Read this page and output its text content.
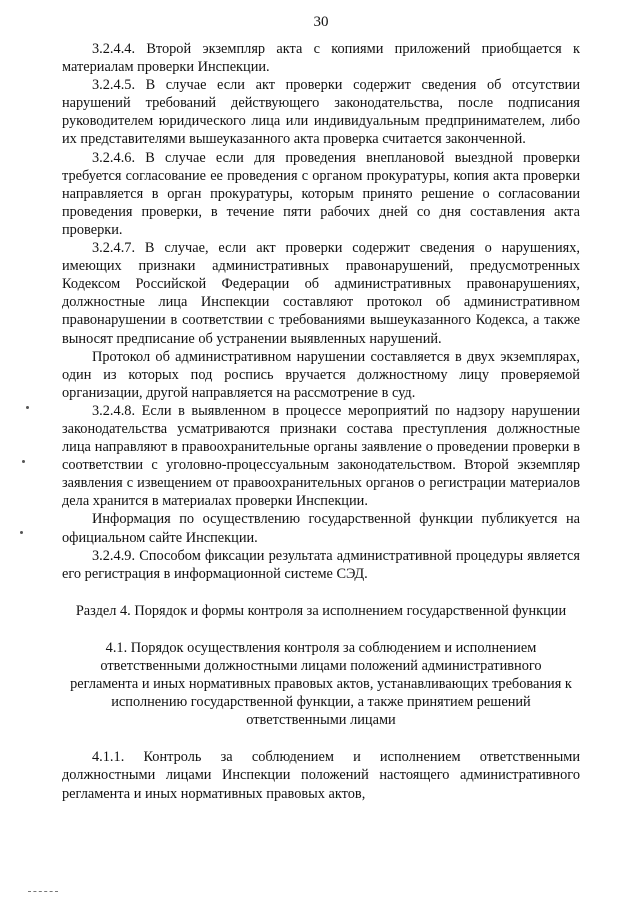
30

3.2.4.4. Второй экземпляр акта с копиями приложений приобщается к материалам проверки Инспекции.

3.2.4.5. В случае если акт проверки содержит сведения об отсутствии нарушений требований действующего законодательства, после подписания руководителем юридического лица или индивидуальным предпринимателем, либо их представителями вышеуказанного акта проверка считается законченной.

3.2.4.6. В случае если для проведения внеплановой выездной проверки требуется согласование ее проведения с органом прокуратуры, копия акта проверки направляется в орган прокуратуры, которым принято решение о согласовании проведения проверки, в течение пяти рабочих дней со дня составления акта проверки.

3.2.4.7. В случае, если акт проверки содержит сведения о нарушениях, имеющих признаки административных правонарушений, предусмотренных Кодексом Российской Федерации об административных правонарушениях, должностные лица Инспекции составляют протокол об административном правонарушении в соответствии с требованиями вышеуказанного Кодекса, а также выносят предписание об устранении выявленных нарушений.

Протокол об административном нарушении составляется в двух экземплярах, один из которых под роспись вручается должностному лицу проверяемой организации, другой направляется на рассмотрение в суд.

3.2.4.8. Если в выявленном в процессе мероприятий по надзору нарушении законодательства усматриваются признаки состава преступления должностные лица направляют в правоохранительные органы заявление о проведении проверки в соответствии с уголовно-процессуальным законодательством. Второй экземпляр заявления с извещением от правоохранительных органов о регистрации материалов дела хранится в материалах проверки Инспекции.

Информация по осуществлению государственной функции публикуется на официальном сайте Инспекции.

3.2.4.9. Способом фиксации результата административной процедуры является его регистрация в информационной системе СЭД.

Раздел 4. Порядок и формы контроля за исполнением государственной функции
4.1. Порядок осуществления контроля за соблюдением и исполнением ответственными должностными лицами положений административного регламента и иных нормативных правовых актов, устанавливающих требования к исполнению государственной функции, а также принятием решений ответственными лицами

4.1.1. Контроль за соблюдением и исполнением ответственными должностными лицами Инспекции положений настоящего административного регламента и иных нормативных правовых актов,
